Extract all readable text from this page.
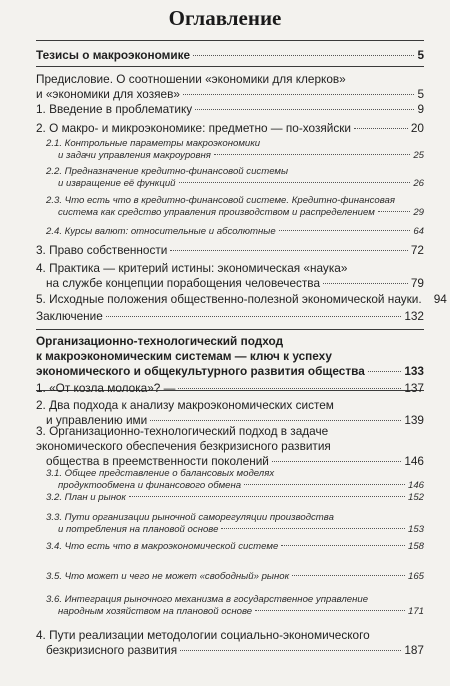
Оглавление
Тезисы о макроэкономике	5
Предисловие. О соотношении «экономики для клерков»
и «экономики для хозяев»	5
1. Введение в проблематику	9
2. О макро- и микроэкономике: предметно — по-хозяйски	20
2.1. Контрольные параметры макроэкономики
и задачи управления макроуровня	25
2.2. Предназначение кредитно-финансовой системы
и извращение её функций	26
2.3. Что есть что в кредитно-финансовой системе. Кредитно-финансовая
система как средство управления производством и распределением	29
2.4. Курсы валют: относительные и абсолютные	64
3. Право собственности	72
4. Практика — критерий истины: экономическая «наука»
на службе концепции порабощения человечества	79
5. Исходные положения общественно-полезной экономической науки. 94
Заключение	132
Организационно-технологический подход
к макроэкономическим системам — ключ к успеху
экономического и общекультурного развития общества	133
1. «От козла молока»? —	137
2. Два подхода к анализу макроэкономических систем
и управлению ими	139
3. Организационно-технологический подход в задаче
экономического обеспечения безкризисного развития
общества в преемственности поколений	146
3.1. Общее представление о балансовых моделях
продуктообмена и финансового обмена	146
3.2. План и рынок	152
3.3. Пути организации рыночной саморегуляции производства
и потребления на плановой основе	153
3.4. Что есть что в макроэкономической системе	158
3.5. Что может и чего не может «свободный» рынок	165
3.6. Интеграция рыночного механизма в государственное управление
народным хозяйством на плановой основе	171
4. Пути реализации методологии социально-экономического
безкризисного развития	187
